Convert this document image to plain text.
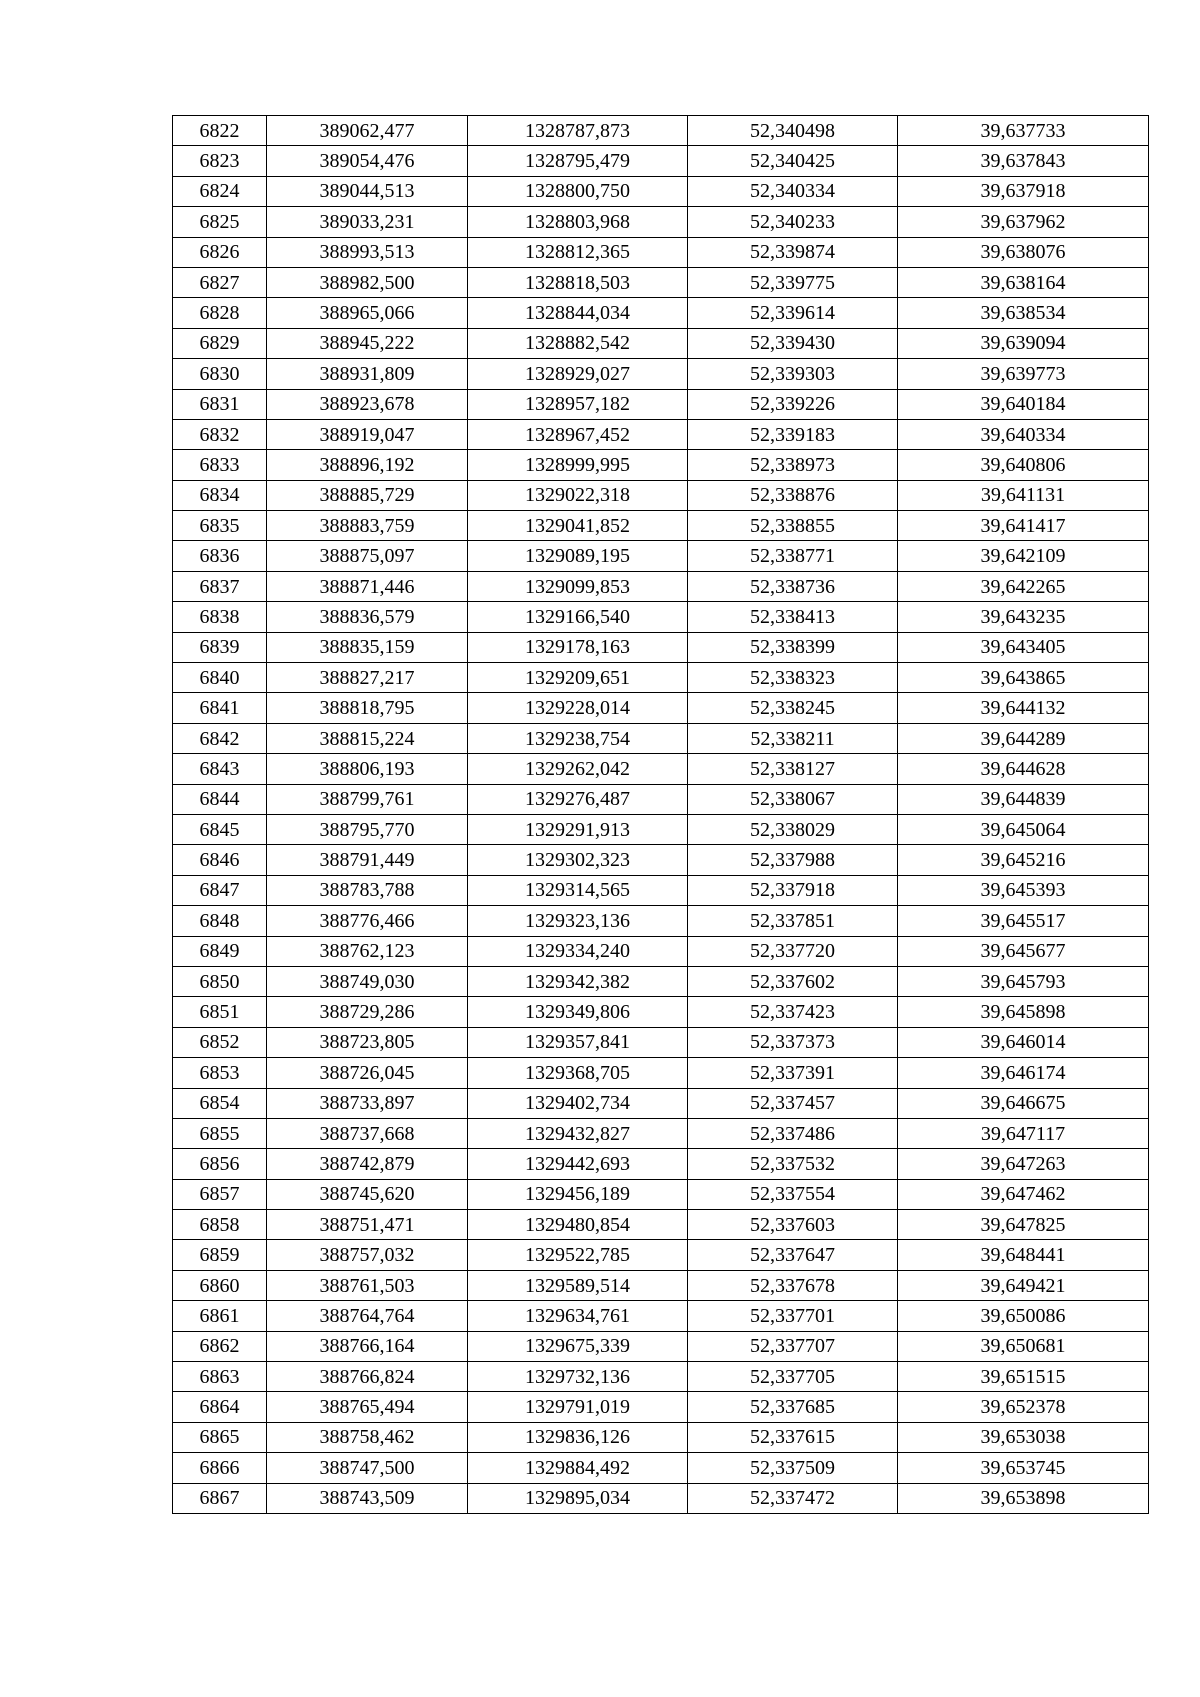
6822	389062,477	1328787,873	52,340498	39,637733
6823	389054,476	1328795,479	52,340425	39,637843
6824	389044,513	1328800,750	52,340334	39,637918
6825	389033,231	1328803,968	52,340233	39,637962
6826	388993,513	1328812,365	52,339874	39,638076
6827	388982,500	1328818,503	52,339775	39,638164
6828	388965,066	1328844,034	52,339614	39,638534
6829	388945,222	1328882,542	52,339430	39,639094
6830	388931,809	1328929,027	52,339303	39,639773
6831	388923,678	1328957,182	52,339226	39,640184
6832	388919,047	1328967,452	52,339183	39,640334
6833	388896,192	1328999,995	52,338973	39,640806
6834	388885,729	1329022,318	52,338876	39,641131
6835	388883,759	1329041,852	52,338855	39,641417
6836	388875,097	1329089,195	52,338771	39,642109
6837	388871,446	1329099,853	52,338736	39,642265
6838	388836,579	1329166,540	52,338413	39,643235
6839	388835,159	1329178,163	52,338399	39,643405
6840	388827,217	1329209,651	52,338323	39,643865
6841	388818,795	1329228,014	52,338245	39,644132
6842	388815,224	1329238,754	52,338211	39,644289
6843	388806,193	1329262,042	52,338127	39,644628
6844	388799,761	1329276,487	52,338067	39,644839
6845	388795,770	1329291,913	52,338029	39,645064
6846	388791,449	1329302,323	52,337988	39,645216
6847	388783,788	1329314,565	52,337918	39,645393
6848	388776,466	1329323,136	52,337851	39,645517
6849	388762,123	1329334,240	52,337720	39,645677
6850	388749,030	1329342,382	52,337602	39,645793
6851	388729,286	1329349,806	52,337423	39,645898
6852	388723,805	1329357,841	52,337373	39,646014
6853	388726,045	1329368,705	52,337391	39,646174
6854	388733,897	1329402,734	52,337457	39,646675
6855	388737,668	1329432,827	52,337486	39,647117
6856	388742,879	1329442,693	52,337532	39,647263
6857	388745,620	1329456,189	52,337554	39,647462
6858	388751,471	1329480,854	52,337603	39,647825
6859	388757,032	1329522,785	52,337647	39,648441
6860	388761,503	1329589,514	52,337678	39,649421
6861	388764,764	1329634,761	52,337701	39,650086
6862	388766,164	1329675,339	52,337707	39,650681
6863	388766,824	1329732,136	52,337705	39,651515
6864	388765,494	1329791,019	52,337685	39,652378
6865	388758,462	1329836,126	52,337615	39,653038
6866	388747,500	1329884,492	52,337509	39,653745
6867	388743,509	1329895,034	52,337472	39,653898
